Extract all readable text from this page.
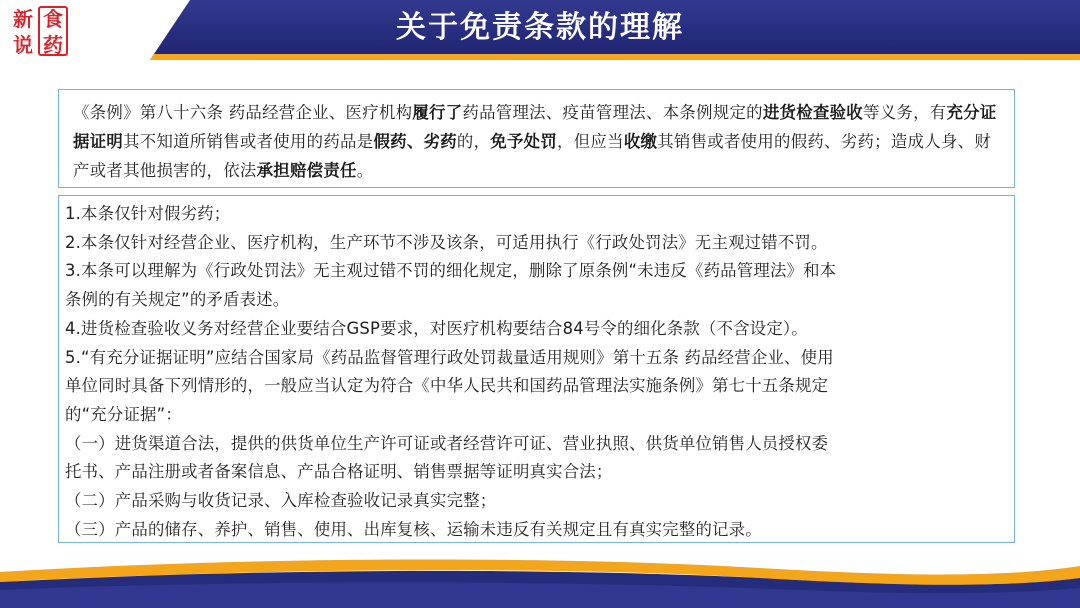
新 食
说 药	关于免责条款的理解

《条例》第八十六条 药品经营企业、医疗机构履行了药品管理法、疫苗管理法、本条例规定的进货检查验收等义务，有充分证据证明其不知道所销售或者使用的药品是假药、劣药的，免予处罚，但应当收缴其销售或者使用的假药、劣药；造成人身、财产或者其他损害的，依法承担赔偿责任。

1.本条仅针对假劣药；

2.本条仅针对经营企业、医疗机构，生产环节不涉及该条，可适用执行《行政处罚法》无主观过错不罚。

3.本条可以理解为《行政处罚法》无主观过错不罚的细化规定，删除了原条例“未违反《药品管理法》和本

条例的有关规定”的矛盾表述。

4.进货检查验收义务对经营企业要结合GSP要求，对医疗机构要结合84号令的细化条款（不含设定）。

5.“有充分证据证明”应结合国家局《药品监督管理行政处罚裁量适用规则》第十五条 药品经营企业、使用

单位同时具备下列情形的，一般应当认定为符合《中华人民共和国药品管理法实施条例》第七十五条规定

的“充分证据”：

（一）进货渠道合法，提供的供货单位生产许可证或者经营许可证、营业执照、供货单位销售人员授权委

托书、产品注册或者备案信息、产品合格证明、销售票据等证明真实合法；

（二）产品采购与收货记录、入库检查验收记录真实完整；

（三）产品的储存、养护、销售、使用、出库复核、运输未违反有关规定且有真实完整的记录。
